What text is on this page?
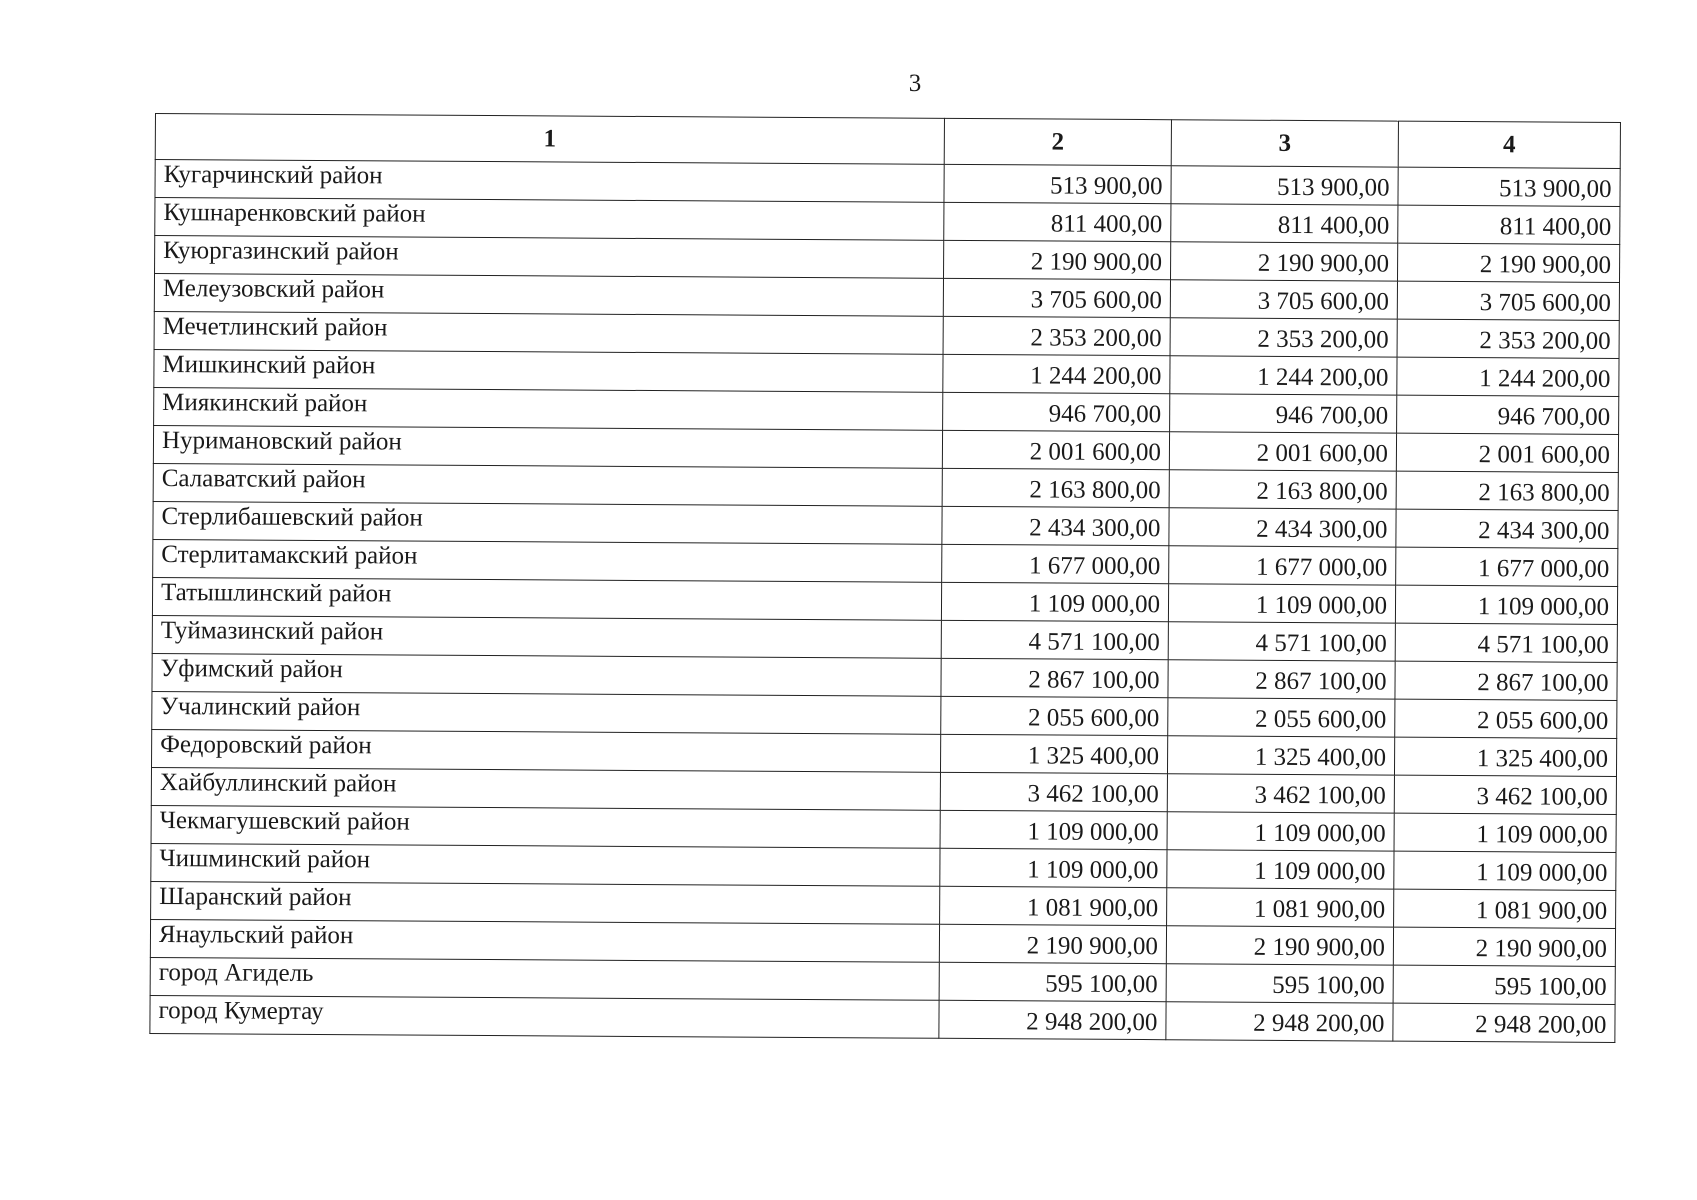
3
1	2	3	4
Кугарчинский район	513 900,00	513 900,00	513 900,00
Кушнаренковский район	811 400,00	811 400,00	811 400,00
Куюргазинский район	2 190 900,00	2 190 900,00	2 190 900,00
Мелеузовский район	3 705 600,00	3 705 600,00	3 705 600,00
Мечетлинский район	2 353 200,00	2 353 200,00	2 353 200,00
Мишкинский район	1 244 200,00	1 244 200,00	1 244 200,00
Миякинский район	946 700,00	946 700,00	946 700,00
Нуримановский район	2 001 600,00	2 001 600,00	2 001 600,00
Салаватский район	2 163 800,00	2 163 800,00	2 163 800,00
Стерлибашевский район	2 434 300,00	2 434 300,00	2 434 300,00
Стерлитамакский район	1 677 000,00	1 677 000,00	1 677 000,00
Татышлинский район	1 109 000,00	1 109 000,00	1 109 000,00
Туймазинский район	4 571 100,00	4 571 100,00	4 571 100,00
Уфимский район	2 867 100,00	2 867 100,00	2 867 100,00
Учалинский район	2 055 600,00	2 055 600,00	2 055 600,00
Федоровский район	1 325 400,00	1 325 400,00	1 325 400,00
Хайбуллинский район	3 462 100,00	3 462 100,00	3 462 100,00
Чекмагушевский район	1 109 000,00	1 109 000,00	1 109 000,00
Чишминский район	1 109 000,00	1 109 000,00	1 109 000,00
Шаранский район	1 081 900,00	1 081 900,00	1 081 900,00
Янаульский район	2 190 900,00	2 190 900,00	2 190 900,00
город Агидель	595 100,00	595 100,00	595 100,00
город Кумертау	2 948 200,00	2 948 200,00	2 948 200,00
